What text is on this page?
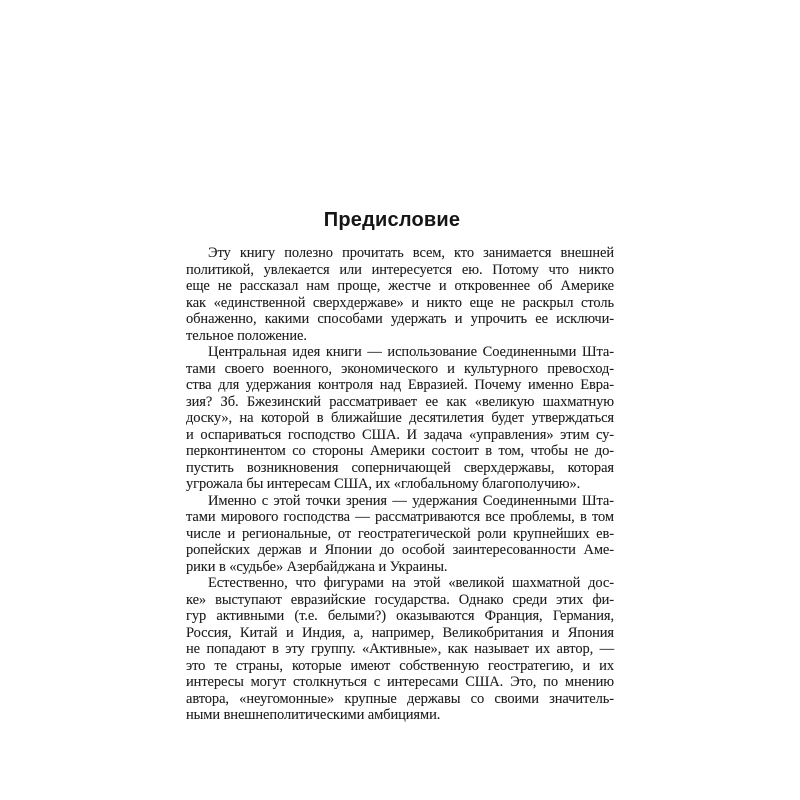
Предисловие

Эту книгу полезно прочитать всем, кто занимается внешней
политикой, увлекается или интересуется ею. Потому что никто
еще не рассказал нам проще, жестче и откровеннее об Америке
как «единственной сверхдержаве» и никто еще не раскрыл столь
обнаженно, какими способами удержать и упрочить ее исключи-
тельное положение.

Центральная идея книги — использование Соединенными Шта-
тами своего военного, экономического и культурного превосход-
ства для удержания контроля над Евразией. Почему именно Евра-
зия? Зб. Бжезинский рассматривает ее как «великую шахматную
доску», на которой в ближайшие десятилетия будет утверждаться
и оспариваться господство США. И задача «управления» этим су-
перконтинентом со стороны Америки состоит в том, чтобы не до-
пустить возникновения соперничающей сверхдержавы, которая
угрожала бы интересам США, их «глобальному благополучию».

Именно с этой точки зрения — удержания Соединенными Шта-
тами мирового господства — рассматриваются все проблемы, в том
числе и региональные, от геостратегической роли крупнейших ев-
ропейских держав и Японии до особой заинтересованности Аме-
рики в «судьбе» Азербайджана и Украины.

Естественно, что фигурами на этой «великой шахматной дос-
ке» выступают евразийские государства. Однако среди этих фи-
гур активными (т.е. белыми?) оказываются Франция, Германия,
Россия, Китай и Индия, а, например, Великобритания и Япония
не попадают в эту группу. «Активные», как называет их автор, —
это те страны, которые имеют собственную геостратегию, и их
интересы могут столкнуться с интересами США. Это, по мнению
автора, «неугомонные» крупные державы со своими значитель-
ными внешнеполитическими амбициями.
